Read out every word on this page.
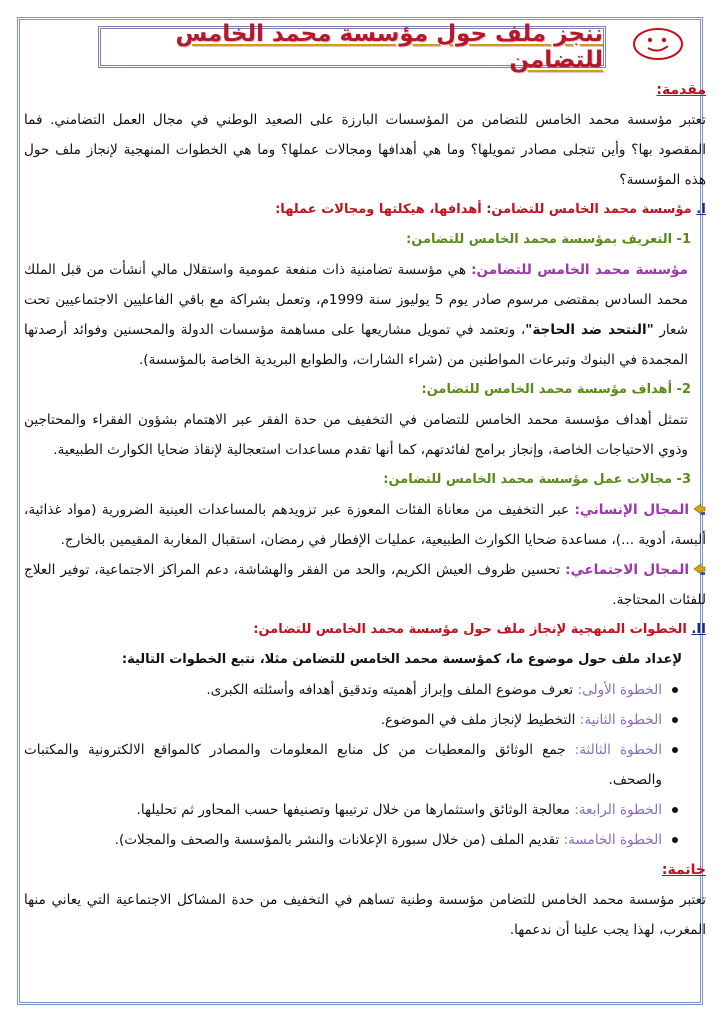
ننجز ملف حول مؤسسة محمد الخامس للتضامن

مقدمة:

تعتبر مؤسسة محمد الخامس للتضامن من المؤسسات البارزة على الصعيد الوطني في مجال العمل التضامني. فما المقصود بها؟ وأين تتجلى مصادر تمويلها؟ وما هي أهدافها ومجالات عملها؟ وما هي الخطوات المنهجية لإنجاز ملف حول هذه المؤسسة؟

I. مؤسسة محمد الخامس للتضامن: أهدافها، هيكلتها ومجالات عملها:

1- التعريف بمؤسسة محمد الخامس للتضامن:

مؤسسة محمد الخامس للتضامن: هي مؤسسة تضامنية ذات منفعة عمومية واستقلال مالي أنشأت من قبل الملك محمد السادس بمقتضى مرسوم صادر يوم 5 يوليوز سنة 1999م، وتعمل بشراكة مع باقي الفاعليين الاجتماعيين تحت شعار "النتحد ضد الحاجة"، وتعتمد في تمويل مشاريعها على مساهمة مؤسسات الدولة والمحسنين وفوائد أرصدتها المجمدة في البنوك وتبرعات المواطنين من (شراء الشارات، والطوابع البريدية الخاصة بالمؤسسة).

2- أهداف مؤسسة محمد الخامس للتضامن:

تتمثل أهداف مؤسسة محمد الخامس للتضامن في التخفيف من حدة الفقر عبر الاهتمام بشؤون الفقراء والمحتاجين وذوي الاحتياجات الخاصة، وإنجاز برامج لفائدتهم، كما أنها تقدم مساعدات استعجالية لإنقاذ ضحايا الكوارث الطبيعية.

3- مجالات عمل مؤسسة محمد الخامس للتضامن:

المجال الإنساني: عبر التخفيف من معاناة الفئات المعوزة عبر تزويدهم بالمساعدات العينية الضرورية (مواد غذائية، ألبسة، أدوية ...)، مساعدة ضحايا الكوارث الطبيعية، عمليات الإفطار في رمضان، استقبال المغاربة المقيمين بالخارج.

المجال الاجتماعي: تحسين ظروف العيش الكريم، والحد من الفقر والهشاشة، دعم المراكز الاجتماعية، توفير العلاج للفئات المحتاجة.

II. الخطوات المنهجية لإنجاز ملف حول مؤسسة محمد الخامس للتضامن:

لإعداد ملف حول موضوع ما، كمؤسسة محمد الخامس للتضامن مثلا، نتبع الخطوات التالية:

الخطوة الأولى: تعرف موضوع الملف وإبراز أهميته وتدقيق أهدافه وأسئلته الكبرى.
الخطوة الثانية: التخطيط لإنجاز ملف في الموضوع.
الخطوة الثالثة: جمع الوثائق والمعطيات من كل منابع المعلومات والمصادر كالمواقع الالكترونية والمكتبات والصحف.
الخطوة الرابعة: معالجة الوثائق واستثمارها من خلال ترتيبها وتصنيفها حسب المحاور ثم تحليلها.
الخطوة الخامسة: تقديم الملف (من خلال سبورة الإعلانات والنشر بالمؤسسة والصحف والمجلات).

خاتمة:

تعتبر مؤسسة محمد الخامس للتضامن مؤسسة وطنية تساهم في التخفيف من حدة المشاكل الاجتماعية التي يعاني منها المغرب، لهذا يجب علينا أن ندعمها.
